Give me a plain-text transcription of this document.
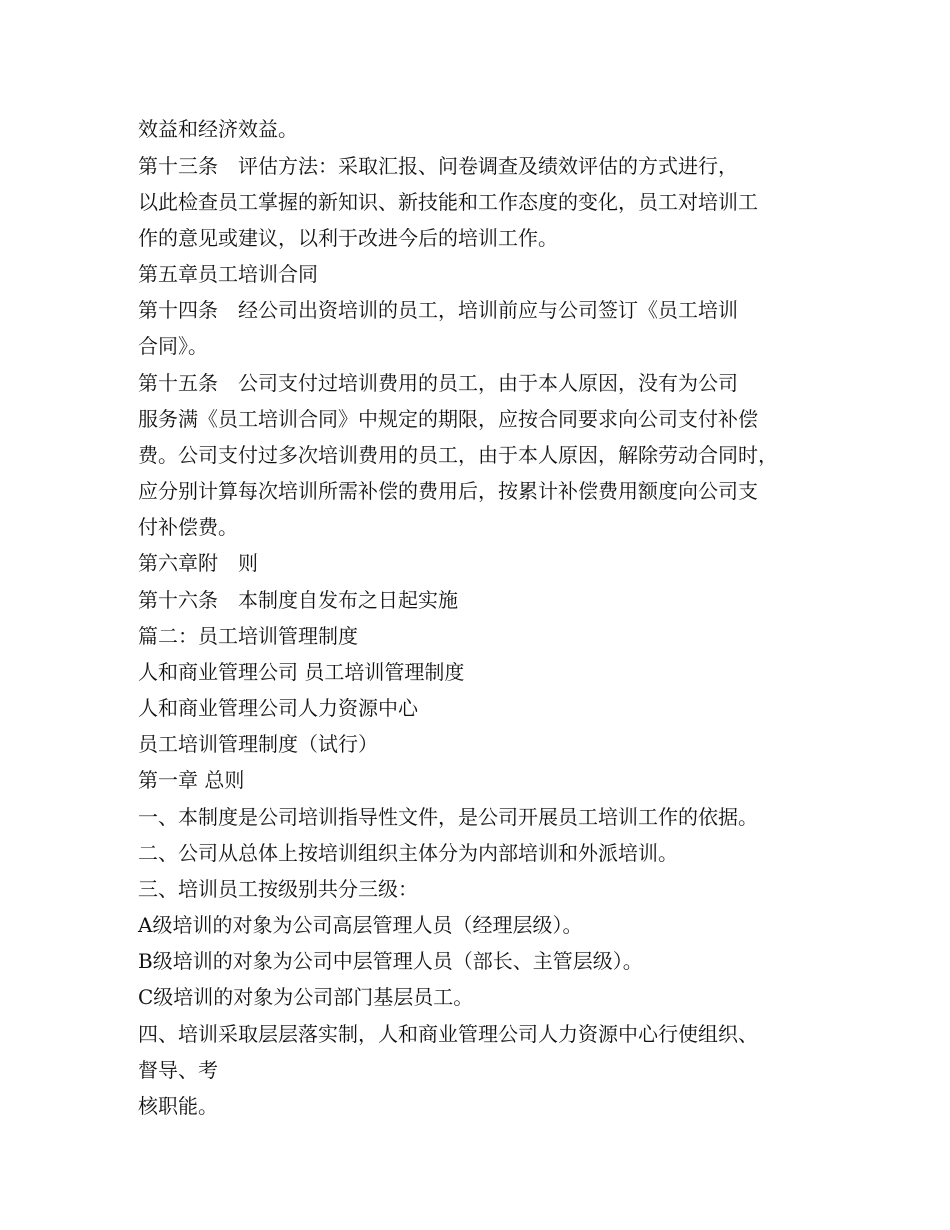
效益和经济效益。
第十三条　评估方法：采取汇报、问卷调查及绩效评估的方式进行，
以此检查员工掌握的新知识、新技能和工作态度的变化，员工对培训工
作的意见或建议，以利于改进今后的培训工作。
第五章员工培训合同
第十四条　经公司出资培训的员工，培训前应与公司签订《员工培训
合同》。
第十五条　公司支付过培训费用的员工，由于本人原因，没有为公司
服务满《员工培训合同》中规定的期限，应按合同要求向公司支付补偿
费。公司支付过多次培训费用的员工，由于本人原因，解除劳动合同时，
应分别计算每次培训所需补偿的费用后，按累计补偿费用额度向公司支
付补偿费。
第六章附　则
第十六条　本制度自发布之日起实施
篇二：员工培训管理制度
人和商业管理公司 员工培训管理制度
人和商业管理公司人力资源中心
员工培训管理制度（试行）
第一章 总则
一、本制度是公司培训指导性文件，是公司开展员工培训工作的依据。
二、公司从总体上按培训组织主体分为内部培训和外派培训。
三、培训员工按级别共分三级：
A级培训的对象为公司高层管理人员（经理层级）。
B级培训的对象为公司中层管理人员（部长、主管层级）。
C级培训的对象为公司部门基层员工。
四、培训采取层层落实制，人和商业管理公司人力资源中心行使组织、
督导、考
核职能。
